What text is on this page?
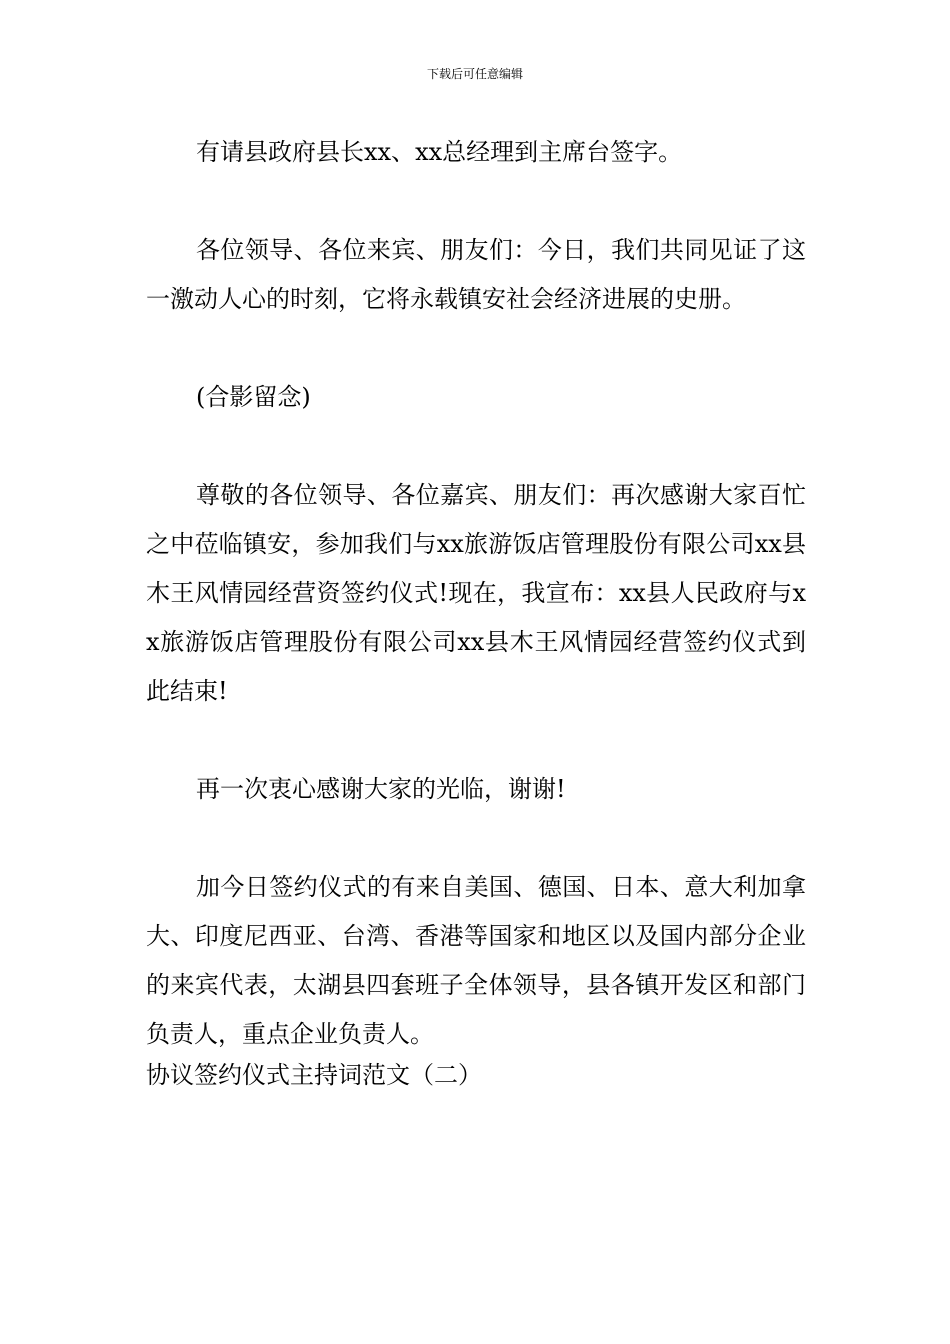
下载后可任意编辑

有请县政府县长xx、xx总经理到主席台签字。

各位领导、各位来宾、朋友们：今日，我们共同见证了这一激动人心的时刻，它将永载镇安社会经济进展的史册。

(合影留念)

尊敬的各位领导、各位嘉宾、朋友们：再次感谢大家百忙之中莅临镇安，参加我们与xx旅游饭店管理股份有限公司xx县木王风情园经营资签约仪式!现在，我宣布：xx县人民政府与xx旅游饭店管理股份有限公司xx县木王风情园经营签约仪式到此结束!

再一次衷心感谢大家的光临，谢谢!

加今日签约仪式的有来自美国、德国、日本、意大利加拿大、印度尼西亚、台湾、香港等国家和地区以及国内部分企业的来宾代表，太湖县四套班子全体领导，县各镇开发区和部门负责人，重点企业负责人。

协议签约仪式主持词范文（二）
